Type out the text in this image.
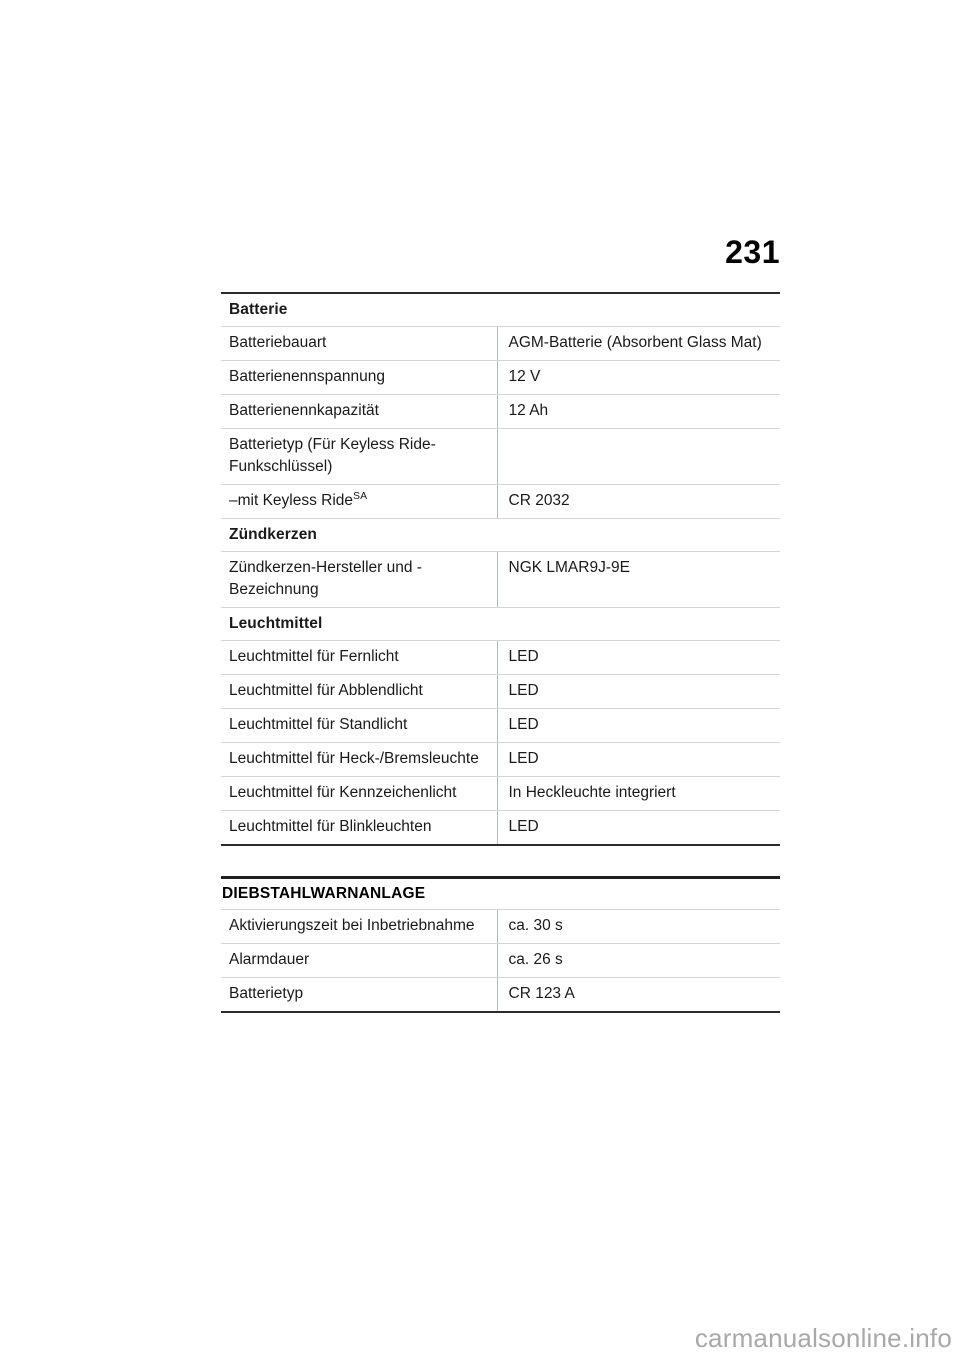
231
Batterie	
Batteriebauart	AGM-Batterie (Absorbent Glass Mat)
Batterienennspannung	12 V
Batterienennkapazität	12 Ah
Batterietyp (Für Keyless Ride-Funkschlüssel)	
–mit Keyless Ride$^{SA}$	CR 2032
Zündkerzen	
Zündkerzen-Hersteller und -Bezeichnung	NGK LMAR9J-9E
Leuchtmittel	
Leuchtmittel für Fernlicht	LED
Leuchtmittel für Abblendlicht	LED
Leuchtmittel für Standlicht	LED
Leuchtmittel für Heck-/Bremsleuchte	LED
Leuchtmittel für Kennzeichenlicht	In Heckleuchte integriert
Leuchtmittel für Blinkleuchten	LED
DIEBSTAHLWARNANLAGE
Aktivierungszeit bei Inbetriebnahme	ca. 30 s
Alarmdauer	ca. 26 s
Batterietyp	CR 123 A
carmanualsonline.info
